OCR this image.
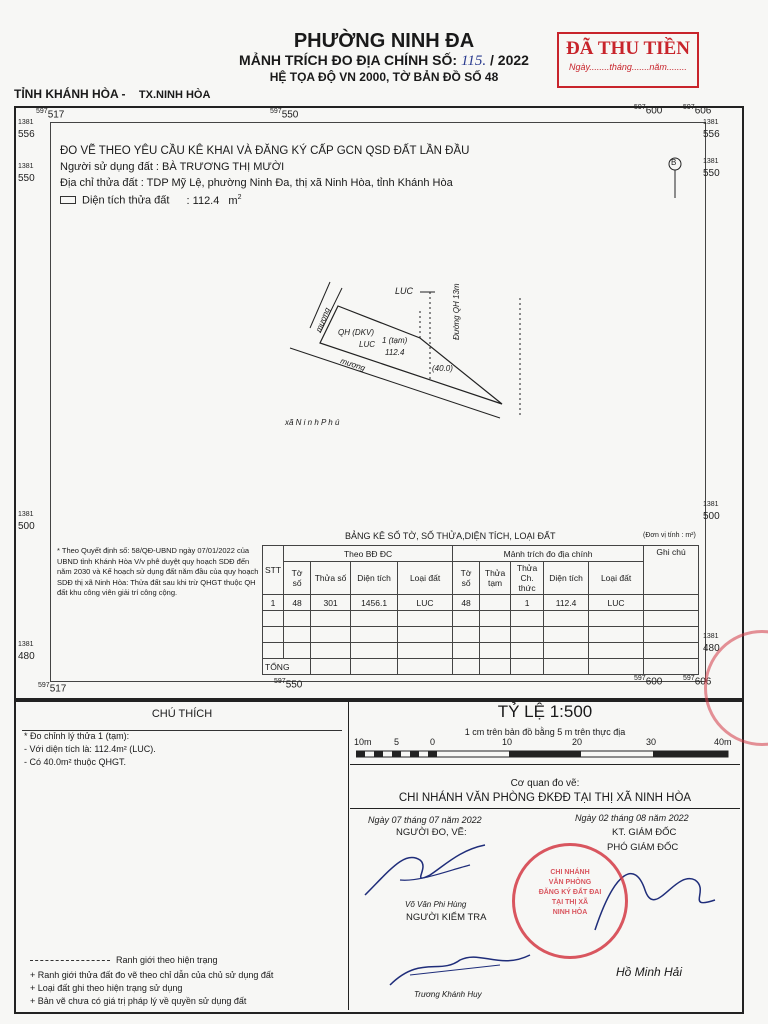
PHƯỜNG NINH ĐA
MẢNH TRÍCH ĐO ĐỊA CHÍNH SỐ: 115. / 2022
HỆ TỌA ĐỘ VN 2000, TỜ BẢN ĐỒ SỐ 48
ĐÃ THU TIỀN
Ngày........tháng.......năm........
TỈNH KHÁNH HÒA - TX.NINH HÒA
$^{597}$517	$^{597}$550
$^{597}$600	$^{597}$606
$^{1381}$
556
$^{1381}$
556
$^{1381}$
550
$^{1381}$
550
$^{1381}$
500
$^{1381}$
500
$^{1381}$
480
$^{1381}$
480
$^{597}$517
$^{597}$550
$^{597}$600	$^{597}$606
ĐO VẼ THEO YÊU CẦU KÊ KHAI VÀ ĐĂNG KÝ CẤP GCN QSD ĐẤT LẦN ĐẦU
Người sử dụng đất : BÀ TRƯƠNG THỊ MƯỜI
Địa chỉ thửa đất : TDP Mỹ Lệ, phường Ninh Đa, thị xã Ninh Hòa, tỉnh Khánh Hòa
Diện tích thửa đất : 112.4 $m^2$
B
LUC	Đường QH 13m
mương
mương
QH (DKV)
1 (tạm)
LUC
112.4
(40.0)
xã N i n h P h ú
BẢNG KÊ SỐ TỜ, SỐ THỬA,DIỆN TÍCH, LOẠI ĐẤT	(Đơn vị tính : m²)
STT	Theo BĐ ĐC				Mảnh trích đo địa chính					Ghi chú
	Tờ số	Thửa số	Diện tích	Loại đất	Tờ số	Thửa tạm	Thửa Ch. thức	Diện tích	Loại đất	
1	48	301	1456.1	LUC	48		1	112.4	LUC	

TỔNG										
* Theo Quyết định số: 58/QĐ-UBND ngày 07/01/2022 của UBND tỉnh Khánh Hòa V/v phê duyệt quy hoạch SDĐ đến năm 2030 và Kế hoạch sử dụng đất năm đầu của quy hoạch SDĐ thị xã Ninh Hòa: Thửa đất sau khi trừ QHGT thuộc QH đất khu công viên giải trí công cộng.
CHÚ THÍCH
* Đo chỉnh lý thửa 1 (tạm):
- Với diện tích là: 112.4m² (LUC).
- Có 40.0m² thuộc QHGT.
TỶ LỆ 1:500
1 cm trên bản đồ bằng 5 m trên thực địa
10m 5	0	10	20	30	40m
Cơ quan đo vẽ:
CHI NHÁNH VĂN PHÒNG ĐKĐĐ TẠI THỊ XÃ NINH HÒA
Ngày 07 tháng 07 năm 2022	Ngày 02 tháng 08 năm 2022
NGƯỜI ĐO, VẼ:	KT. GIÁM ĐỐC
PHÓ GIÁM ĐỐC
Võ Văn Phi Hùng
NGƯỜI KIỂM TRA
Trương Khánh Huy
Hồ Minh Hải
CHI NHÁNH
VĂN PHÒNG
ĐĂNG KÝ ĐẤT ĐAI
TẠI THỊ XÃ
NINH HÒA
Ranh giới theo hiện trạng
+ Ranh giới thửa đất đo vẽ theo chỉ dẫn của chủ sử dụng đất
+ Loại đất ghi theo hiện trạng sử dụng
+ Bản vẽ chưa có giá trị pháp lý về quyền sử dụng đất
